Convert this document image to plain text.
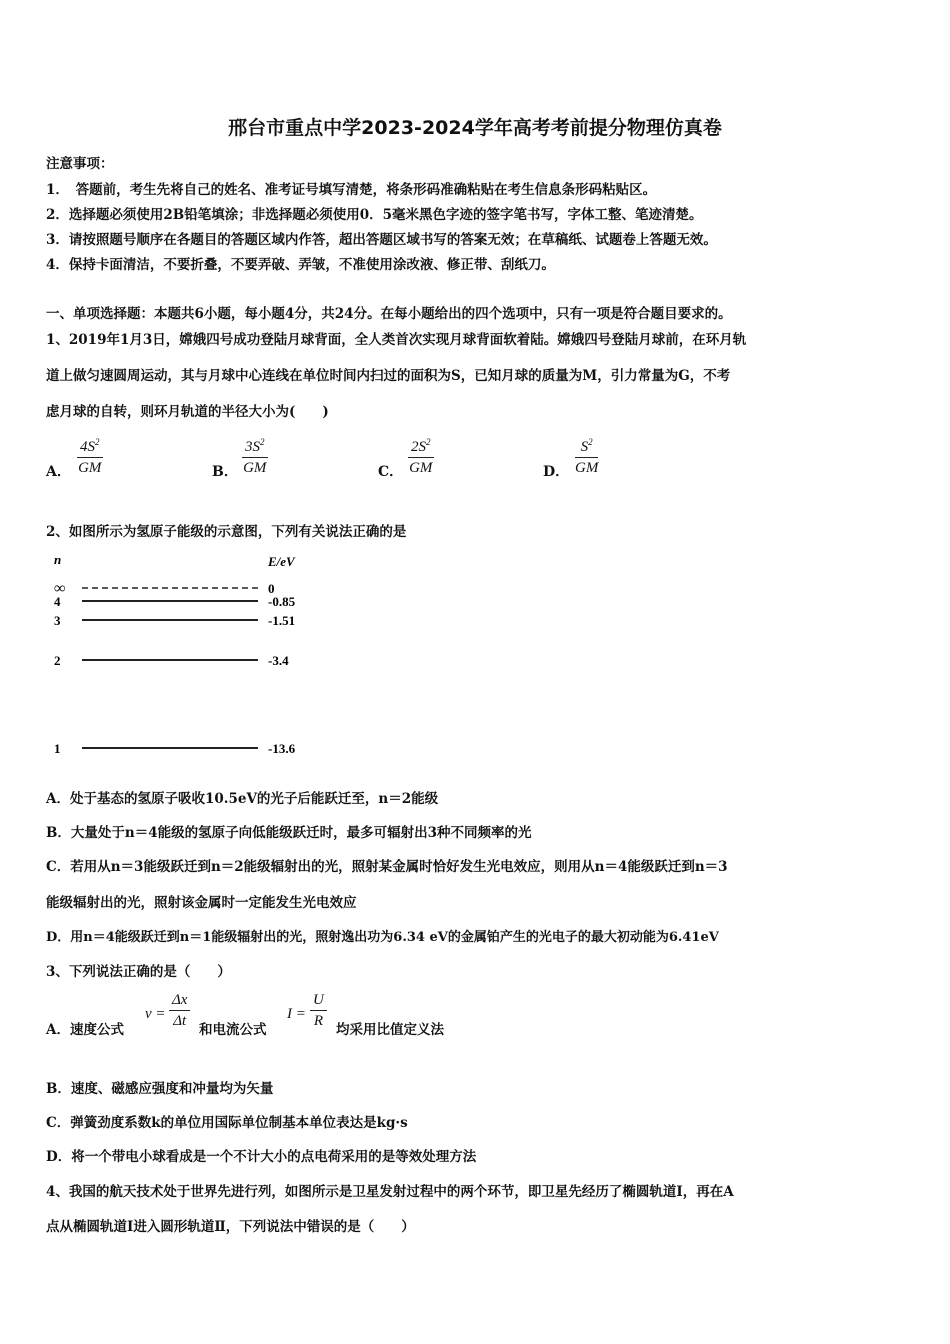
邢台市重点中学2023-2024学年高考考前提分物理仿真卷
注意事项：
1．　答题前，考生先将自己的姓名、准考证号填写清楚，将条形码准确粘贴在考生信息条形码粘贴区。
2．选择题必须使用2B铅笔填涂；非选择题必须使用0．5毫米黑色字迹的签字笔书写，字体工整、笔迹清楚。
3．请按照题号顺序在各题目的答题区域内作答，超出答题区域书写的答案无效；在草稿纸、试题卷上答题无效。
4．保持卡面清洁，不要折叠，不要弄破、弄皱，不准使用涂改液、修正带、刮纸刀。
一、单项选择题：本题共6小题，每小题4分，共24分。在每小题给出的四个选项中，只有一项是符合题目要求的。
1、2019年1月3日，嫦娥四号成功登陆月球背面，全人类首次实现月球背面软着陆。嫦娥四号登陆月球前，在环月轨
道上做匀速圆周运动，其与月球中心连线在单位时间内扫过的面积为S，已知月球的质量为M，引力常量为G，不考
虑月球的自转，则环月轨道的半径大小为(　　)
A． $\frac{4S^2}{GM}$	B． $\frac{3S^2}{GM}$	C． $\frac{2S^2}{GM}$	D． $\frac{S^2}{GM}$
2、如图所示为氢原子能级的示意图，下列有关说法正确的是
n	E/eV
∞	0
4	-0.85
3	-1.51
2	-3.4
1	-13.6
A．处于基态的氢原子吸收10.5eV的光子后能跃迁至，n＝2能级
B．大量处于n＝4能级的氢原子向低能级跃迁时，最多可辐射出3种不同频率的光
C．若用从n＝3能级跃迁到n＝2能级辐射出的光，照射某金属时恰好发生光电效应，则用从n＝4能级跃迁到n＝3
能级辐射出的光，照射该金属时一定能发生光电效应
D．用n＝4能级跃迁到n＝1能级辐射出的光，照射逸出功为6.34 eV的金属铂产生的光电子的最大初动能为6.41eV
3、下列说法正确的是（　　）
A．速度公式
$v = \frac{\Delta x}{\Delta t}$ 和电流公式
$I = \frac{U}{R}$ 均采用比值定义法
B．速度、磁感应强度和冲量均为矢量
C．弹簧劲度系数k的单位用国际单位制基本单位表达是kg·s
D．将一个带电小球看成是一个不计大小的点电荷采用的是等效处理方法
4、我国的航天技术处于世界先进行列，如图所示是卫星发射过程中的两个环节，即卫星先经历了椭圆轨道I，再在A
点从椭圆轨道I进入圆形轨道Ⅱ，下列说法中错误的是（　　）
